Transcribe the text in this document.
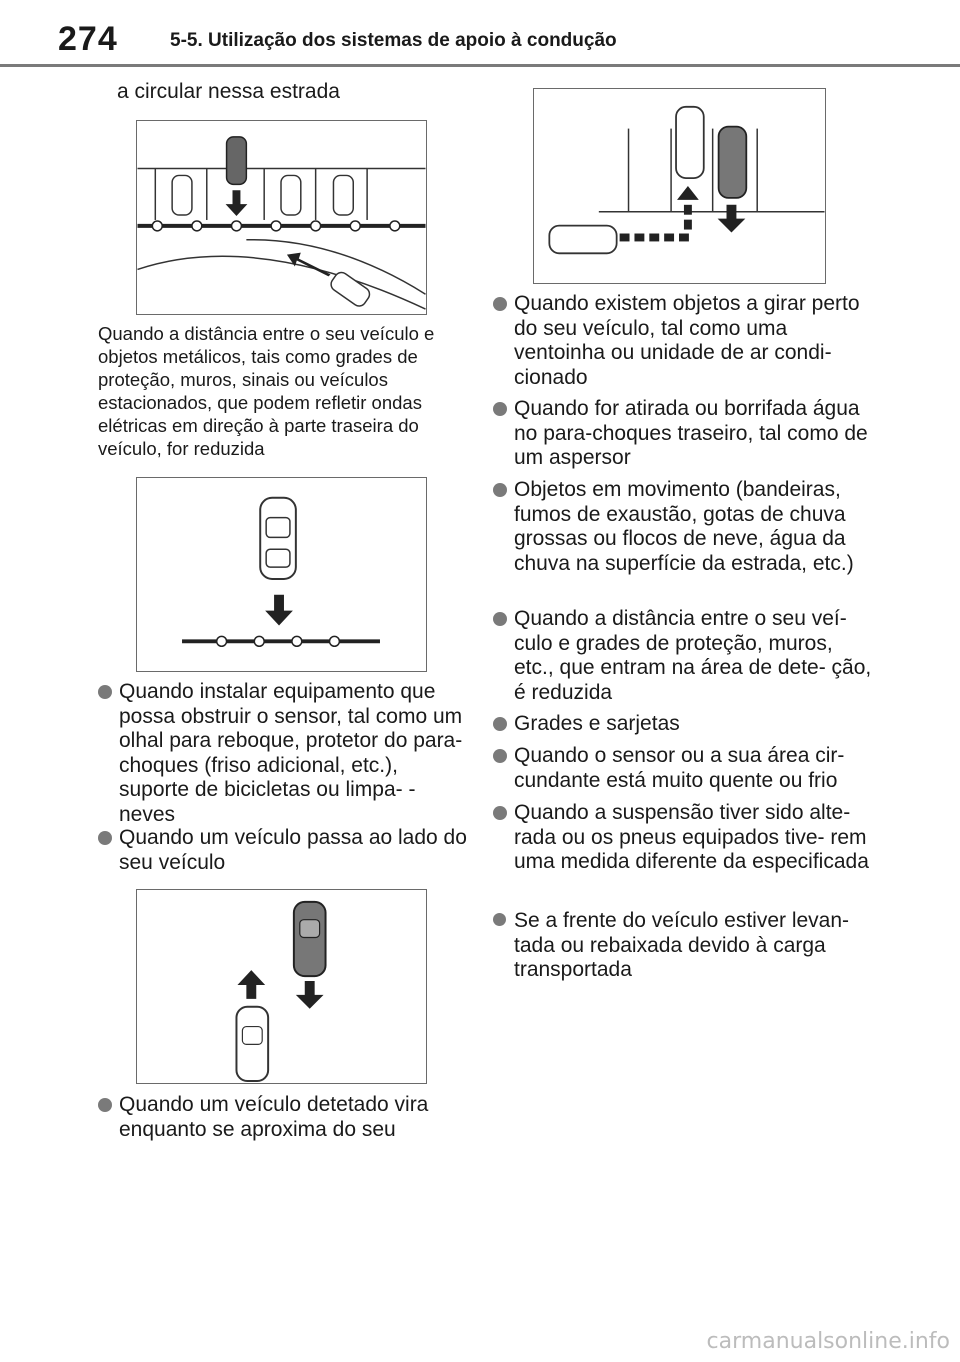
274	5-5. Utilização dos sistemas de apoio à condução
a circular nessa estrada
Quando a distância entre o seu veículo e objetos metálicos, tais como grades de proteção, muros, sinais ou veículos estacionados, que podem refletir ondas elétricas em direção à parte traseira do veículo, for reduzida
Quando instalar equipamento que possa obstruir o sensor, tal como um olhal para reboque, protetor do para-choques (friso adicional, etc.), suporte de bicicletas ou limpa- -neves
Quando um veículo passa ao lado do seu veículo
Quando um veículo detetado vira enquanto se aproxima do seu
Quando existem objetos a girar perto do seu veículo, tal como uma ventoinha ou unidade de ar condi- cionado
Quando for atirada ou borrifada água no para-choques traseiro, tal como de um aspersor
Objetos em movimento (bandeiras, fumos de exaustão, gotas de chuva grossas ou flocos de neve, água da chuva na superfície da estrada, etc.)
Quando a distância entre o seu veí- culo e grades de proteção, muros, etc., que entram na área de dete- ção, é reduzida
Grades e sarjetas
Quando o sensor ou a sua área cir- cundante está muito quente ou frio
Quando a suspensão tiver sido alte- rada ou os pneus equipados tive- rem uma medida diferente da especificada
Se a frente do veículo estiver levan- tada ou rebaixada devido à carga transportada
carmanualsonline.info
